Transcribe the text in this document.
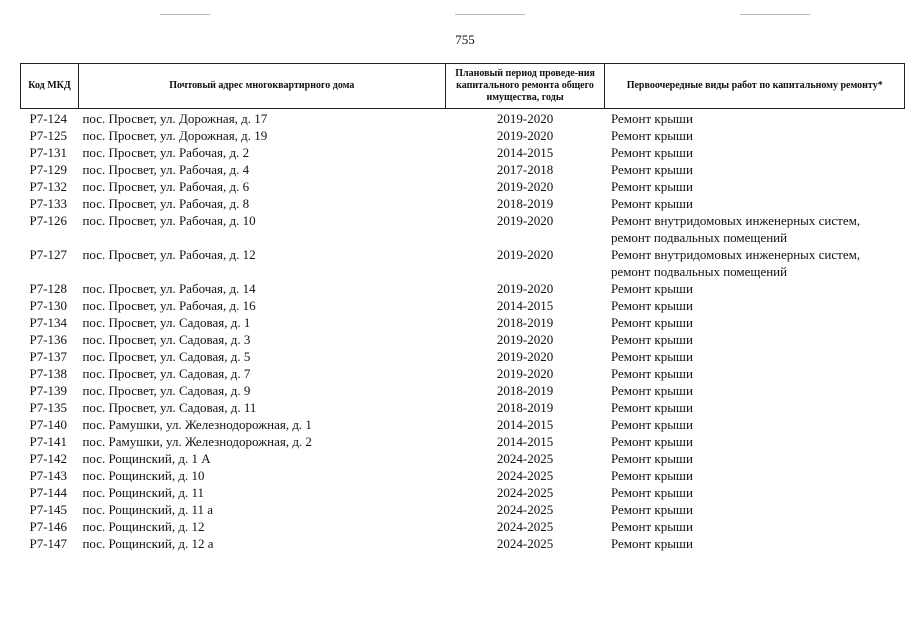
755
Код МКД	Почтовый адрес многоквартирного дома	Плановый период проведе-ния капитального ремонта общего имущества, годы	Первоочередные виды работ по капитальному ремонту*
Р7-124	пос. Просвет, ул. Дорожная, д. 17	2019-2020	Ремонт крыши
Р7-125	пос. Просвет, ул. Дорожная, д. 19	2019-2020	Ремонт крыши
Р7-131	пос. Просвет, ул. Рабочая, д. 2	2014-2015	Ремонт крыши
Р7-129	пос. Просвет, ул. Рабочая, д. 4	2017-2018	Ремонт крыши
Р7-132	пос. Просвет, ул. Рабочая, д. 6	2019-2020	Ремонт крыши
Р7-133	пос. Просвет, ул. Рабочая, д. 8	2018-2019	Ремонт крыши
Р7-126	пос. Просвет, ул. Рабочая, д. 10	2019-2020	Ремонт внутридомовых инженерных систем, ремонт подвальных помещений
Р7-127	пос. Просвет, ул. Рабочая, д. 12	2019-2020	Ремонт внутридомовых инженерных систем, ремонт подвальных помещений
Р7-128	пос. Просвет, ул. Рабочая, д. 14	2019-2020	Ремонт крыши
Р7-130	пос. Просвет, ул. Рабочая, д. 16	2014-2015	Ремонт крыши
Р7-134	пос. Просвет, ул. Садовая, д. 1	2018-2019	Ремонт крыши
Р7-136	пос. Просвет, ул. Садовая, д. 3	2019-2020	Ремонт крыши
Р7-137	пос. Просвет, ул. Садовая, д. 5	2019-2020	Ремонт крыши
Р7-138	пос. Просвет, ул. Садовая, д. 7	2019-2020	Ремонт крыши
Р7-139	пос. Просвет, ул. Садовая, д. 9	2018-2019	Ремонт крыши
Р7-135	пос. Просвет, ул. Садовая, д. 11	2018-2019	Ремонт крыши
Р7-140	пос. Рамушки, ул. Железнодорожная, д. 1	2014-2015	Ремонт крыши
Р7-141	пос. Рамушки, ул. Железнодорожная, д. 2	2014-2015	Ремонт крыши
Р7-142	пос. Рощинский, д. 1 А	2024-2025	Ремонт крыши
Р7-143	пос. Рощинский, д. 10	2024-2025	Ремонт крыши
Р7-144	пос. Рощинский, д. 11	2024-2025	Ремонт крыши
Р7-145	пос. Рощинский, д. 11 а	2024-2025	Ремонт крыши
Р7-146	пос. Рощинский, д. 12	2024-2025	Ремонт крыши
Р7-147	пос. Рощинский, д. 12 а	2024-2025	Ремонт крыши
